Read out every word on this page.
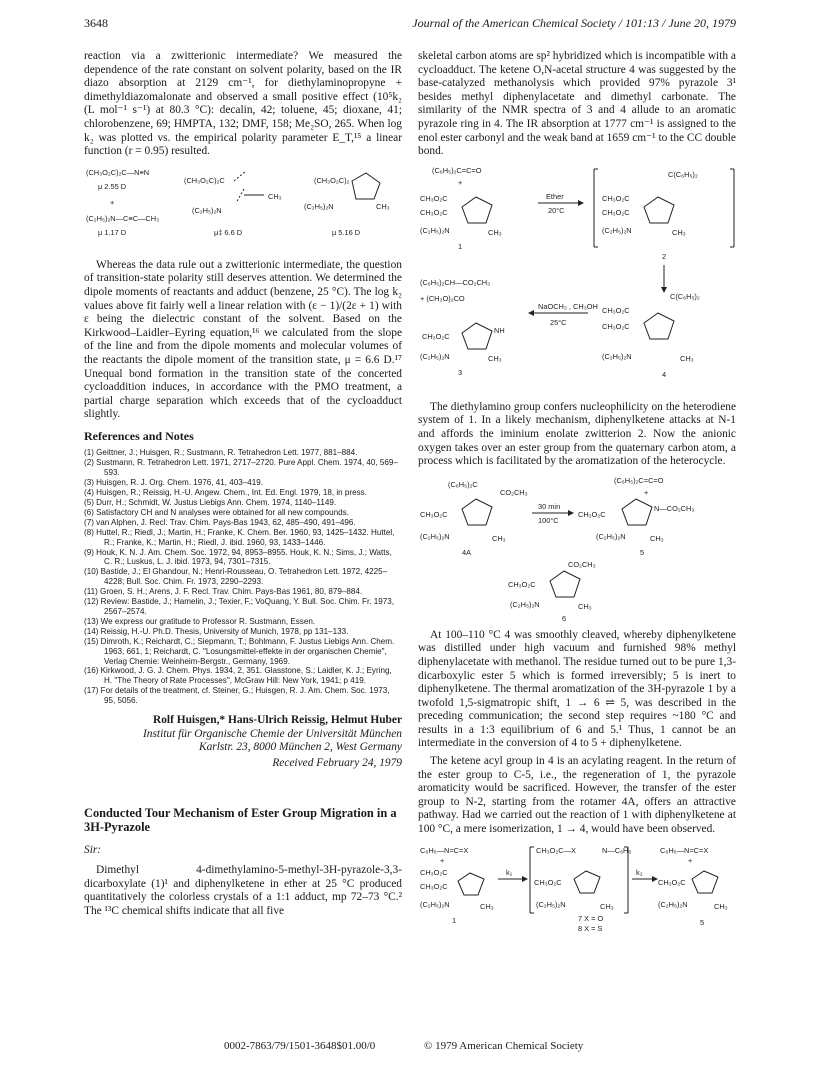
3648	Journal of the American Chemical Society / 101:13 / June 20, 1979

reaction via a zwitterionic intermediate? We measured the dependence of the rate constant on solvent polarity, based on the IR diazo absorption at 2129 cm⁻¹, for diethylaminopropyne + dimethyldiazomalonate and observed a small positive effect (10⁵k₂ (L mol⁻¹ s⁻¹) at 80.3 °C): decalin, 42; toluene, 45; dioxane, 41; chlorobenzene, 69; HMPTA, 132; DMF, 158; Me₂SO, 265. When log k₂ was plotted vs. the empirical polarity parameter E_T,¹⁵ a linear function (r = 0.95) resulted.

(CH₃O₂C)₂C—N≡N
μ 2.55 D
+
(C₂H₅)₂N—C≡C—CH₃
μ 1.17 D
(CH₃O₂C)₂C
CH₃
(C₂H₅)₂N
μ‡ 6.6 D
(CH₃O₂C)₂
(C₂H₅)₂N	CH₃
μ 5.16 D

Whereas the data rule out a zwitterionic intermediate, the question of transition-state polarity still deserves attention. We determined the dipole moments of reactants and adduct (benzene, 25 °C). The log k₂ values above fit fairly well a linear relation with (ε − 1)/(2ε + 1) with ε being the dielectric constant of the solvent. Based on the Kirkwood–Laidler–Eyring equation,¹⁶ we calculated from the slope of the line and from the dipole moments and molecular volumes of the reactants the dipole moment of the transition state, μ = 6.6 D.¹⁷ Unequal bond formation in the transition state of the concerted cycloaddition induces, in accordance with the PMO treatment, a partial charge separation which exceeds that of the cycloadduct slightly.

References and Notes
(1) Geittner, J.; Huisgen, R.; Sustmann, R. Tetrahedron Lett. 1977, 881–884.
(2) Sustmann, R. Tetrahedron Lett. 1971, 2717–2720. Pure Appl. Chem. 1974, 40, 569–593.
(3) Huisgen, R. J. Org. Chem. 1976, 41, 403–419.
(4) Huisgen, R.; Reissig, H.-U. Angew. Chem., Int. Ed. Engl. 1979, 18, in press.
(5) Durr, H.; Schmidt, W. Justus Liebigs Ann. Chem. 1974, 1140–1149.
(6) Satisfactory CH and N analyses were obtained for all new compounds.
(7) van Alphen, J. Recl. Trav. Chim. Pays-Bas 1943, 62, 485–490, 491–496.
(8) Huttel, R.; Riedl, J.; Martin, H.; Franke, K. Chem. Ber. 1960, 93, 1425–1432. Huttel, R.; Franke, K.; Martin, H.; Riedl, J. ibid. 1960, 93, 1433–1446.
(9) Houk, K. N. J. Am. Chem. Soc. 1972, 94, 8953–8955. Houk, K. N.; Sims, J.; Watts, C. R.; Luskus, L. J. ibid. 1973, 94, 7301–7315.
(10) Bastide, J.; El Ghandour, N.; Henri-Rousseau, O. Tetrahedron Lett. 1972, 4225–4228; Bull. Soc. Chim. Fr. 1973, 2290–2293.
(11) Groen, S. H.; Arens, J. F. Recl. Trav. Chim. Pays-Bas 1961, 80, 879–884.
(12) Review: Bastide, J.; Hamelin, J.; Texier, F.; VoQuang, Y. Bull. Soc. Chim. Fr. 1973, 2567–2574.
(13) We express our gratitude to Professor R. Sustmann, Essen.
(14) Reissig, H.-U. Ph.D. Thesis, University of Munich, 1978, pp 131–133.
(15) Dimroth, K.; Reichardt, C.; Siepmann, T.; Bohlmann, F. Justus Liebigs Ann. Chem. 1963, 661, 1; Reichardt, C. "Losungsmittel-effekte in der organischen Chemie", Verlag Chemie: Weinheim-Bergstr., Germany, 1969.
(16) Kirkwood, J. G. J. Chem. Phys. 1934, 2, 351. Glasstone, S.; Laidler, K. J.; Eyring, H. "The Theory of Rate Processes", McGraw Hill: New York, 1941; p 419.
(17) For details of the treatment, cf. Steiner, G.; Huisgen, R. J. Am. Chem. Soc. 1973, 95, 5056.
Rolf Huisgen,* Hans-Ulrich Reissig, Helmut Huber
Institut für Organische Chemie der Universität München
Karlstr. 23, 8000 München 2, West Germany
Received February 24, 1979
Conducted Tour Mechanism of Ester Group Migration in a 3H-Pyrazole
Sir:

Dimethyl 4-dimethylamino-5-methyl-3H-pyrazole-3,3-dicarboxylate (1)¹ and diphenylketene in ether at 25 °C produced quantitatively the colorless crystals of a 1:1 adduct, mp 72–73 °C.² The ¹³C chemical shifts indicate that all five

skeletal carbon atoms are sp² hybridized which is incompatible with a cycloadduct. The ketene O,N-acetal structure 4 was suggested by the base-catalyzed methanolysis which provided 97% pyrazole 3¹ besides methyl diphenylacetate and dimethyl carbonate. The similarity of the NMR spectra of 3 and 4 allude to an aromatic pyrazole ring in 4. The IR absorption at 1777 cm⁻¹ is assigned to the enol ester carbonyl and the weak band at 1659 cm⁻¹ to the CC double bond.

(C₆H₅)₂C=C=O
+
CH₃O₂C
CH₃O₂C
(C₂H₅)₂N	CH₃
1
Ether
20°C
C(C₆H₅)₂
CH₃O₂C
CH₃O₂C
(C₂H₅)₂N	CH₃
2
(C₆H₅)₂CH—CO₂CH₃
+ (CH₃O)₂CO
NaOCH₃ , CH₃OH
25°C
CH₃O₂C
NH
(C₂H₅)₂N	CH₃
3
C(C₆H₅)₂
CH₃O₂C
CH₃O₂C
(C₂H₅)₂N	CH₃
4

The diethylamino group confers nucleophilicity on the heterodiene system of 1. In a likely mechanism, diphenylketene attacks at N-1 and affords the iminium enolate zwitterion 2. Now the anionic oxygen takes over an ester group from the quaternary carbon atom, a process which is facilitated by the aromatization of the heterocycle.

(C₆H₅)₂C
CO₂CH₃
CH₃O₂C
(C₂H₅)₂N	CH₃
4A
30 min
100°C
(C₆H₅)₂C=C=O
+
CH₃O₂C
N—CO₂CH₃
(C₂H₅)₂N	CH₃
5
CO₂CH₃
CH₃O₂C
(C₂H₅)₂N	CH₃
6

At 100–110 °C 4 was smoothly cleaved, whereby diphenylketene was distilled under high vacuum and furnished 98% methyl diphenylacetate with methanol. The residue turned out to be pure 1,3-dicarboxylic ester 5 which is formed irreversibly; 5 is inert to diphenylketene. The thermal aromatization of the 3H-pyrazole 1 by a twofold 1,5-sigmatropic shift, 1 → 6 ⇌ 5, was described in the preceding communication; the second step requires ~180 °C and results in a 1:3 equilibrium of 6 and 5.¹ Thus, 1 cannot be an intermediate in the conversion of 4 to 5 + diphenylketene.

The ketene acyl group in 4 is an acylating reagent. In the return of the ester group to C-5, i.e., the regeneration of 1, the pyrazole aromaticity would be sacrificed. However, the transfer of the ester group to N-2, starting from the rotamer 4A, offers an attractive pathway. Had we carried out the reaction of 1 with diphenylketene at 100 °C, a mere isomerization, 1 → 4, would have been observed.

C₆H₅—N=C=X
+
CH₃O₂C
CH₃O₂C
(C₂H₅)₂N	CH₃
1
k₁
CH₃O₂C—X	N—C₆H₅
CH₃O₂C
(C₂H₅)₂N	CH₃
7 X = O
8 X = S
k₂
C₆H₅—N=C=X
+
CH₃O₂C
(C₂H₅)₂N	CH₃
5
0002-7863/79/1501-3648$01.00/0	© 1979 American Chemical Society
